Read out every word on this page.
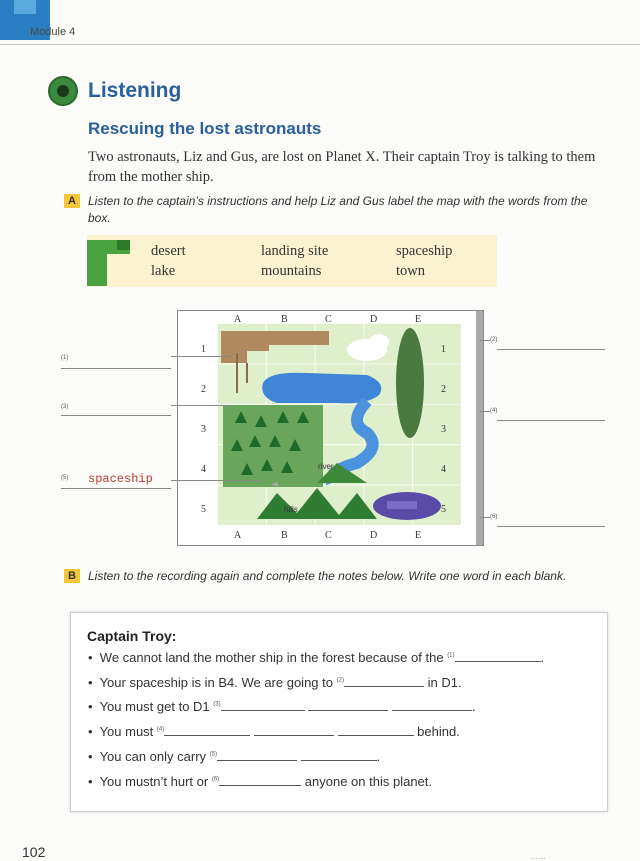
Module 4
Listening
Rescuing the lost astronauts
Two astronauts, Liz and Gus, are lost on Planet X. Their captain Troy is talking to them from the mother ship.
A	Listen to the captain’s instructions and help Liz and Gus label the map with the words from the box.
desert	landing site	spaceship
lake	mountains	town
river
hills
A	B	C	D	E
A	B	C	D	E
1
2
3
4
5
1
2
3
4
5
(1)
(3)
(5) spaceship
(2)
(4)
(6)
B	Listen to the recording again and complete the notes below. Write one word in each blank.
Captain Troy:
• We cannot land the mother ship in the forest because of the $^{(1)}$	.
• Your spaceship is in B4. We are going to $^{(2)}$	in D1.
• You must get to D1 $^{(3)}$	.
• You must $^{(4)}$	behind.
• You can only carry $^{(5)}$	.
• You mustn’t hurt or $^{(6)}$	anyone on this planet.
102	……
